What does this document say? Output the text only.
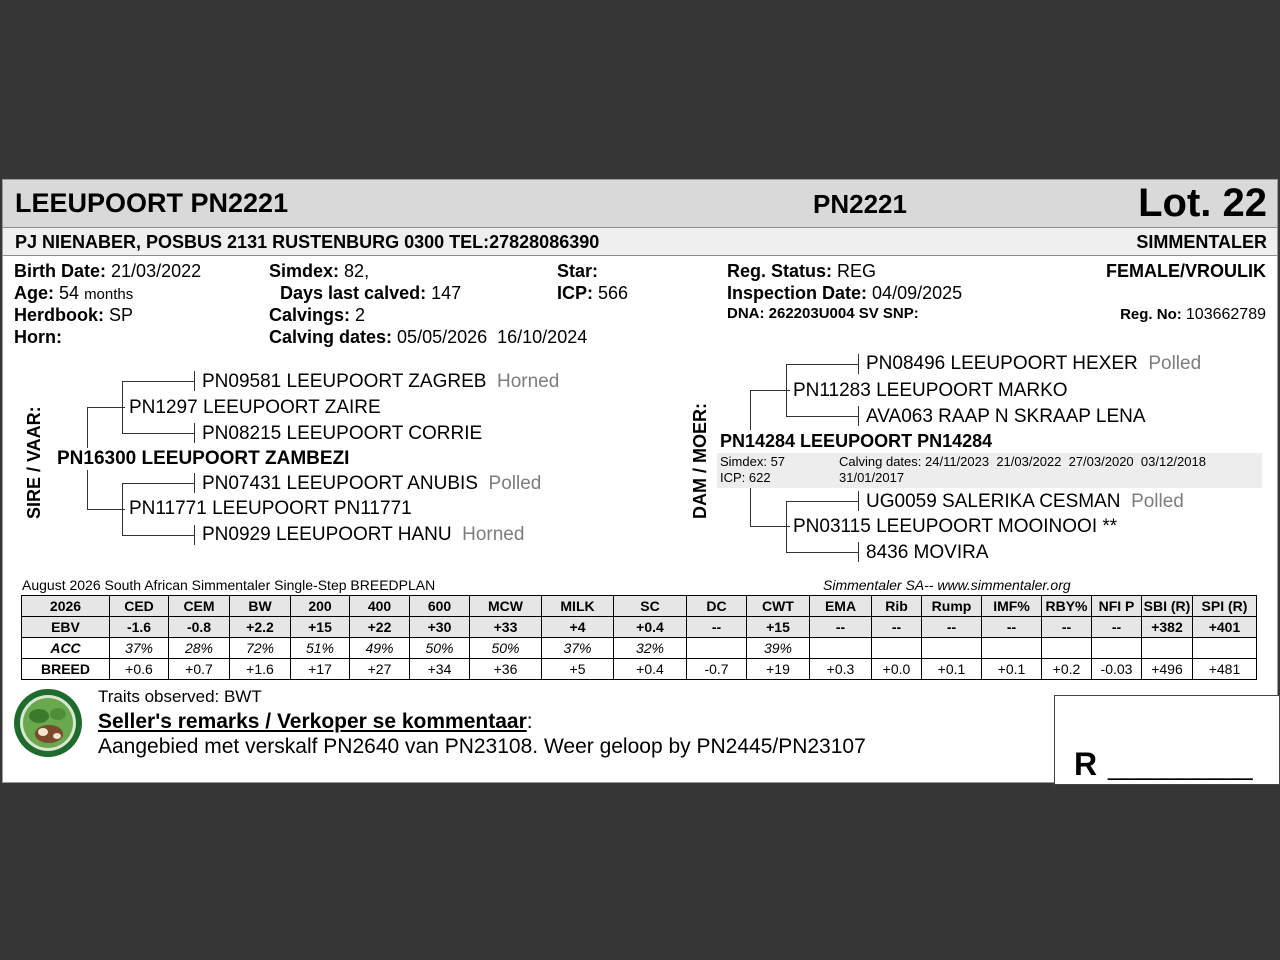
LEEUPOORT PN2221	PN2221	Lot. 22
PJ NIENABER, POSBUS 2131 RUSTENBURG 0300 TEL:27828086390	SIMMENTALER
Birth Date: 21/03/2022
Age: 54 months
Herdbook: SP
Horn:
Simdex: 82,
Days last calved: 147
Calvings: 2
Calving dates: 05/05/2026  16/10/2024
Star:
ICP: 566
Reg. Status: REG
Inspection Date: 04/09/2025
DNA: 262203U004 SV SNP:
FEMALE/VROULIK
Reg. No: 103662789
SIRE / VAAR:
PN09581 LEEUPOORT ZAGREB Horned
PN1297 LEEUPOORT ZAIRE
PN08215 LEEUPOORT CORRIE
PN16300 LEEUPOORT ZAMBEZI
PN07431 LEEUPOORT ANUBIS Polled
PN11771 LEEUPOORT PN11771
PN0929 LEEUPOORT HANU Horned
DAM / MOER:
PN08496 LEEUPOORT HEXER Polled
PN11283 LEEUPOORT MARKO
AVA063 RAAP N SKRAAP LENA
PN14284 LEEUPOORT PN14284
Simdex: 57
ICP: 622
Calving dates: 24/11/2023  21/03/2022  27/03/2020  03/12/2018
31/01/2017
UG0059 SALERIKA CESMAN Polled
PN03115 LEEUPOORT MOOINOOI **
8436 MOVIRA
August 2026 South African Simmentaler Single-Step BREEDPLAN	Simmentaler SA-- www.simmentaler.org
2026	CED	CEM	BW	200	400	600	MCW	MILK	SC	DC	CWT	EMA	Rib	Rump	IMF%	RBY%	NFI P	SBI (R)	SPI (R)
EBV	-1.6	-0.8	+2.2	+15	+22	+30	+33	+4	+0.4	--	+15	--	--	--	--	--	--	+382	+401
ACC	37%	28%	72%	51%	49%	50%	50%	37%	32%		39%								
BREED	+0.6	+0.7	+1.6	+17	+27	+34	+36	+5	+0.4	-0.7	+19	+0.3	+0.0	+0.1	+0.1	+0.2	-0.03	+496	+481
Traits observed: BWT
Seller's remarks / Verkoper se kommentaar:
Aangebied met verskalf PN2640 van PN23108. Weer geloop by PN2445/PN23107	R __________
